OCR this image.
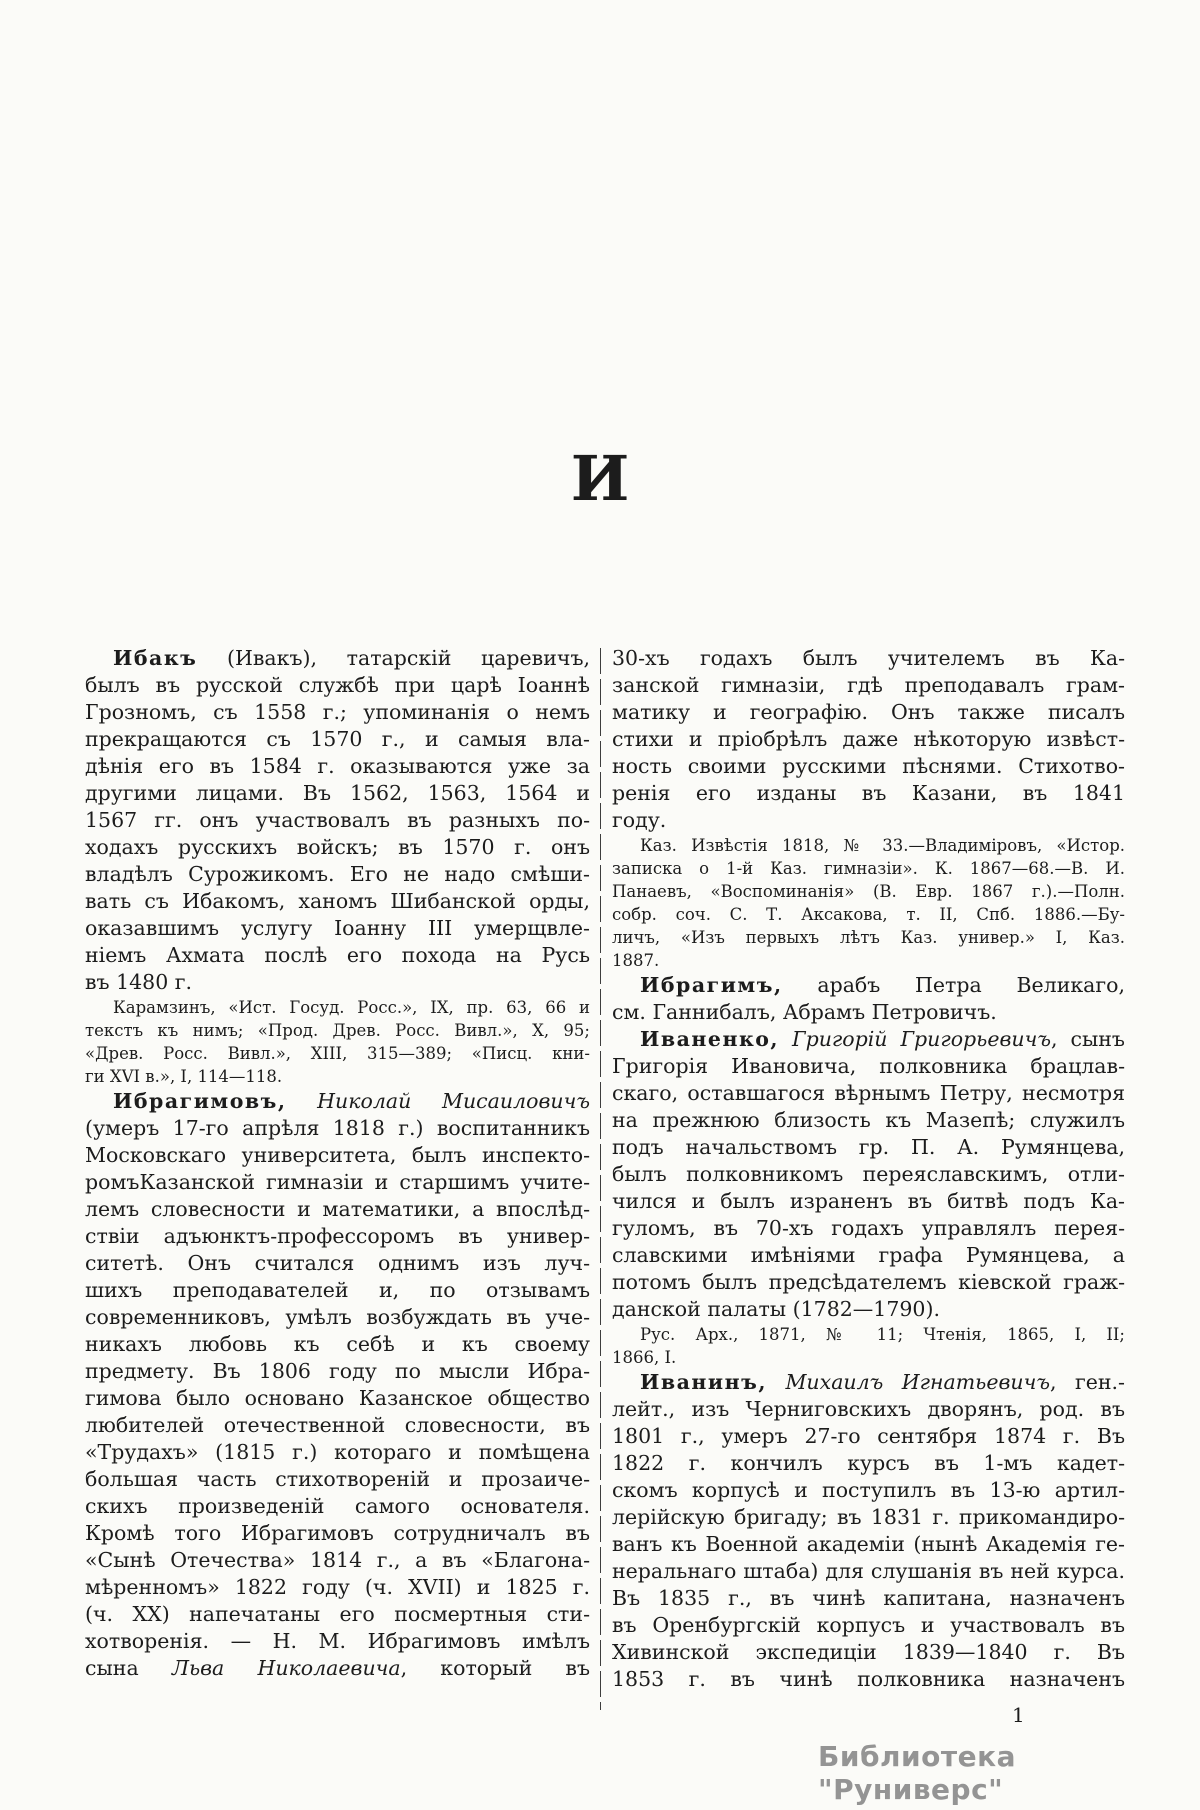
И
Ибакъ (Ивакъ), татарскій царевичъ,
былъ въ русской службѣ при царѣ Іоаннѣ
Грозномъ, съ 1558 г.; упоминанія о немъ
прекращаются съ 1570 г., и самыя вла-
дѣнія его въ 1584 г. оказываются уже за
другими лицами. Въ 1562, 1563, 1564 и
1567 гг. онъ участвовалъ въ разныхъ по-
ходахъ русскихъ войскъ; въ 1570 г. онъ
владѣлъ Сурожикомъ. Его не надо смѣши-
вать съ Ибакомъ, ханомъ Шибанской орды,
оказавшимъ услугу Іоанну III умерщвле-
ніемъ Ахмата послѣ его похода на Русь
въ 1480 г.
Карамзинъ, «Ист. Госуд. Росс.», IX, пр. 63, 66 и
текстъ къ нимъ; «Прод. Древ. Росс. Вивл.», X, 95;
«Древ. Росс. Вивл.», XIII, 315—389; «Писц. кни-
ги XVI в.», I, 114—118.
Ибрагимовъ, Николай Мисаиловичъ
(умеръ 17-го апрѣля 1818 г.) воспитанникъ
Московскаго университета, былъ инспекто-
ромъКазанской гимназіи и старшимъ учите-
лемъ словесности и математики, а впослѣд-
ствіи адъюнктъ-профессоромъ въ универ-
ситетѣ. Онъ считался однимъ изъ луч-
шихъ преподавателей и, по отзывамъ
современниковъ, умѣлъ возбуждать въ уче-
никахъ любовь къ себѣ и къ своему
предмету. Въ 1806 году по мысли Ибра-
гимова было основано Казанское общество
любителей отечественной словесности, въ
«Трудахъ» (1815 г.) котораго и помѣщена
большая часть стихотвореній и прозаиче-
скихъ произведеній самого основателя.
Кромѣ того Ибрагимовъ сотрудничалъ въ
«Сынѣ Отечества» 1814 г., а въ «Благона-
мѣренномъ» 1822 году (ч. XVII) и 1825 г.
(ч. XX) напечатаны его посмертныя сти-
хотворенія. — Н. М. Ибрагимовъ имѣлъ
сына Льва Николаевича, который въ
30-хъ годахъ былъ учителемъ въ Ка-
занской гимназіи, гдѣ преподавалъ грам-
матику и географію. Онъ также писалъ
стихи и пріобрѣлъ даже нѣкоторую извѣст-
ность своими русскими пѣснями. Стихотво-
ренія его изданы въ Казани, въ 1841
году.
Каз. Извѣстія 1818, № 33.—Владиміровъ, «Истор.
записка о 1-й Каз. гимназіи». К. 1867—68.—В. И.
Панаевъ, «Воспоминанія» (В. Евр. 1867 г.).—Полн.
собр. соч. С. Т. Аксакова, т. II, Спб. 1886.—Бу-
личъ, «Изъ первыхъ лѣтъ Каз. универ.» I, Каз.
1887.
Ибрагимъ, арабъ Петра Великаго,
см. Ганнибалъ, Абрамъ Петровичъ.
Иваненко, Григорій Григорьевичъ, сынъ
Григорія Ивановича, полковника брацлав-
скаго, оставшагося вѣрнымъ Петру, несмотря
на прежнюю близость къ Мазепѣ; служилъ
подъ начальствомъ гр. П. А. Румянцева,
былъ полковникомъ переяславскимъ, отли-
чился и былъ израненъ въ битвѣ подъ Ка-
гуломъ, въ 70-хъ годахъ управлялъ перея-
славскими имѣніями графа Румянцева, а
потомъ былъ предсѣдателемъ кіевской граж-
данской палаты (1782—1790).
Рус. Арх., 1871, № 11; Чтенія, 1865, I, II;
1866, I.
Иванинъ, Михаилъ Игнатьевичъ, ген.-
лейт., изъ Черниговскихъ дворянъ, род. въ
1801 г., умеръ 27-го сентября 1874 г. Въ
1822 г. кончилъ курсъ въ 1-мъ кадет-
скомъ корпусѣ и поступилъ въ 13-ю артил-
лерійскую бригаду; въ 1831 г. прикомандиро-
ванъ къ Военной академіи (нынѣ Академія ге-
неральнаго штаба) для слушанія въ ней курса.
Въ 1835 г., въ чинѣ капитана, назначенъ
въ Оренбургскій корпусъ и участвовалъ въ
Хивинской экспедиціи 1839—1840 г. Въ
1853 г. въ чинѣ полковника назначенъ
1
Библиотека "Руниверс"
